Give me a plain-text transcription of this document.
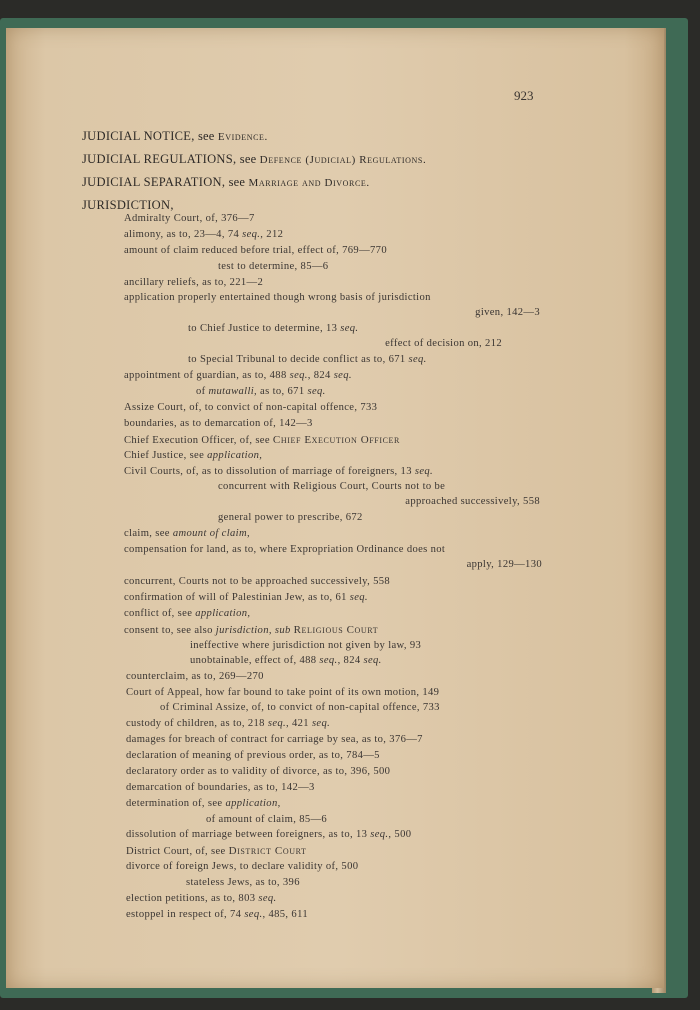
923
JUDICIAL NOTICE, see Evidence.
JUDICIAL REGULATIONS, see Defence (Judicial) Regulations.
JUDICIAL SEPARATION, see Marriage and Divorce.
JURISDICTION,
Admiralty Court, of, 376—7
alimony, as to, 23—4, 74 seq., 212
amount of claim reduced before trial, effect of, 769—770
test to determine, 85—6
ancillary reliefs, as to, 221—2
application properly entertained though wrong basis of jurisdiction
given, 142—3
to Chief Justice to determine, 13 seq.
effect of decision on, 212
to Special Tribunal to decide conflict as to, 671 seq.
appointment of guardian, as to, 488 seq., 824 seq.
of mutawalli, as to, 671 seq.
Assize Court, of, to convict of non-capital offence, 733
boundaries, as to demarcation of, 142—3
Chief Execution Officer, of, see Chief Execution Officer
Chief Justice, see application,
Civil Courts, of, as to dissolution of marriage of foreigners, 13 seq.
concurrent with Religious Court, Courts not to be
approached successively, 558
general power to prescribe, 672
claim, see amount of claim,
compensation for land, as to, where Expropriation Ordinance does not
apply, 129—130
concurrent, Courts not to be approached successively, 558
confirmation of will of Palestinian Jew, as to, 61 seq.
conflict of, see application,
consent to, see also jurisdiction, sub Religious Court
ineffective where jurisdiction not given by law, 93
unobtainable, effect of, 488 seq., 824 seq.
counterclaim, as to, 269—270
Court of Appeal, how far bound to take point of its own motion, 149
of Criminal Assize, of, to convict of non-capital offence, 733
custody of children, as to, 218 seq., 421 seq.
damages for breach of contract for carriage by sea, as to, 376—7
declaration of meaning of previous order, as to, 784—5
declaratory order as to validity of divorce, as to, 396, 500
demarcation of boundaries, as to, 142—3
determination of, see application,
of amount of claim, 85—6
dissolution of marriage between foreigners, as to, 13 seq., 500
District Court, of, see District Court
divorce of foreign Jews, to declare validity of, 500
stateless Jews, as to, 396
election petitions, as to, 803 seq.
estoppel in respect of, 74 seq., 485, 611
